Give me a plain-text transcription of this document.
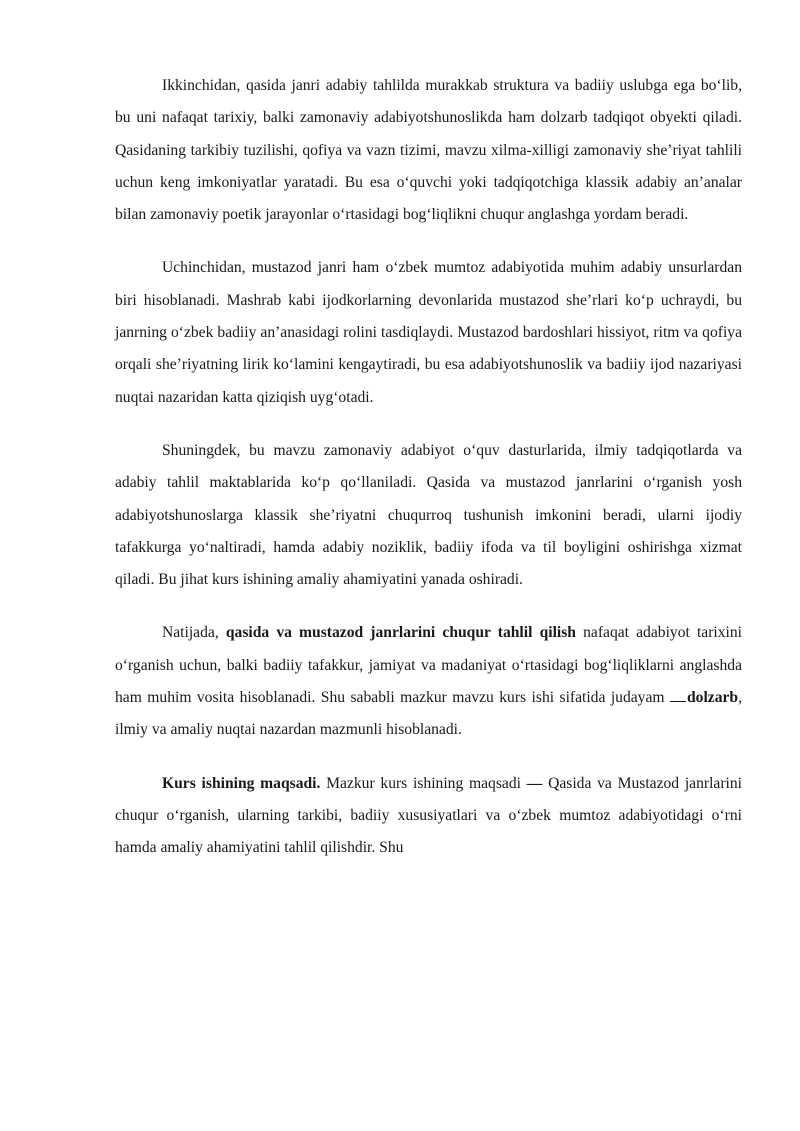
Ikkinchidan, qasida janri adabiy tahlilda murakkab struktura va badiiy uslubga ega bo‘lib, bu uni nafaqat tarixiy, balki zamonaviy adabiyotshunoslikda ham dolzarb tadqiqot obyekti qiladi. Qasidaning tarkibiy tuzilishi, qofiya va vazn tizimi, mavzu xilma-xilligi zamonaviy she’riyat tahlili uchun keng imkoniyatlar yaratadi. Bu esa o‘quvchi yoki tadqiqotchiga klassik adabiy an’analar bilan zamonaviy poetik jarayonlar o‘rtasidagi bog‘liqlikni chuqur anglashga yordam beradi.

Uchinchidan, mustazod janri ham o‘zbek mumtoz adabiyotida muhim adabiy unsurlardan biri hisoblanadi. Mashrab kabi ijodkorlarning devonlarida mustazod she’rlari ko‘p uchraydi, bu janrning o‘zbek badiiy an’anasidagi rolini tasdiqlaydi. Mustazod bardoshlari hissiyot, ritm va qofiya orqali she’riyatning lirik ko‘lamini kengaytiradi, bu esa adabiyotshunoslik va badiiy ijod nazariyasi nuqtai nazaridan katta qiziqish uyg‘otadi.

Shuningdek, bu mavzu zamonaviy adabiyot o‘quv dasturlarida, ilmiy tadqiqotlarda va adabiy tahlil maktablarida ko‘p qo‘llaniladi. Qasida va mustazod janrlarini o‘rganish yosh adabiyotshunoslarga klassik she’riyatni chuqurroq tushunish imkonini beradi, ularni ijodiy tafakkurga yo‘naltiradi, hamda adabiy noziklik, badiiy ifoda va til boyligini oshirishga xizmat qiladi. Bu jihat kurs ishining amaliy ahamiyatini yanada oshiradi.

Natijada, qasida va mustazod janrlarini chuqur tahlil qilish nafaqat adabiyot tarixini o‘rganish uchun, balki badiiy tafakkur, jamiyat va madaniyat o‘rtasidagi bog‘liqliklarni anglashda ham muhim vosita hisoblanadi. Shu sababli mazkur mavzu kurs ishi sifatida judayam dolzarb, ilmiy va amaliy nuqtai nazardan mazmunli hisoblanadi.

Kurs ishining maqsadi. Mazkur kurs ishining maqsadi — Qasida va Mustazod janrlarini chuqur o‘rganish, ularning tarkibi, badiiy xususiyatlari va o‘zbek mumtoz adabiyotidagi o‘rni hamda amaliy ahamiyatini tahlil qilishdir. Shu
